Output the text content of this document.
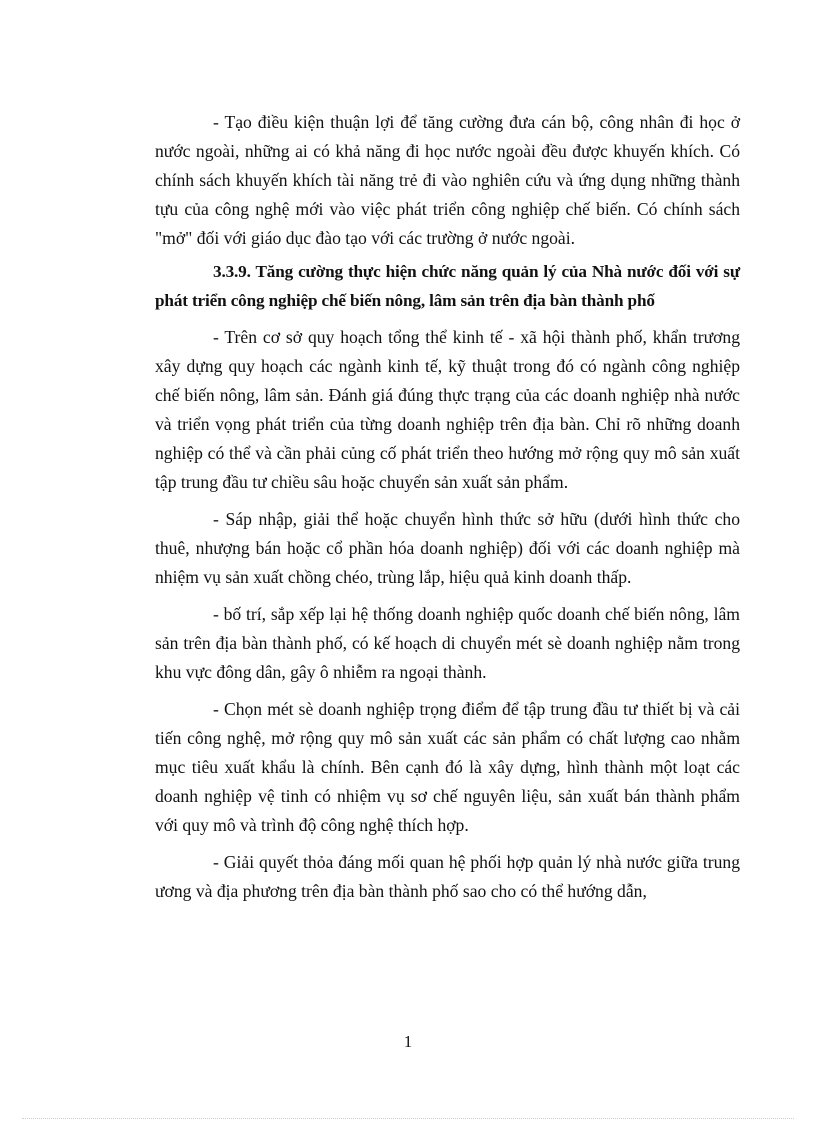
- Tạo điều kiện thuận lợi để tăng cường đưa cán bộ, công nhân đi học ở nước ngoài, những ai có khả năng đi học nước ngoài đều được khuyến khích. Có chính sách khuyến khích tài năng trẻ đi vào nghiên cứu và ứng dụng những thành tựu của công nghệ mới vào việc phát triển công nghiệp chế biến. Có chính sách "mở" đối với giáo dục đào tạo với các trường ở nước ngoài.

3.3.9. Tăng cường thực hiện chức năng quản lý của Nhà nước đối với sự phát triển công nghiệp chế biến nông, lâm sản trên địa bàn thành phố

- Trên cơ sở quy hoạch tổng thể kinh tế - xã hội thành phố, khẩn trương xây dựng quy hoạch các ngành kinh tế, kỹ thuật trong đó có ngành công nghiệp chế biến nông, lâm sản. Đánh giá đúng thực trạng của các doanh nghiệp nhà nước và triển vọng phát triển của từng doanh nghiệp trên địa bàn. Chỉ rõ những doanh nghiệp có thể và cần phải củng cố phát triển theo hướng mở rộng quy mô sản xuất tập trung đầu tư chiều sâu hoặc chuyển sản xuất sản phẩm.

- Sáp nhập, giải thể hoặc chuyển hình thức sở hữu (dưới hình thức cho thuê, nhượng bán hoặc cổ phần hóa doanh nghiệp) đối với các doanh nghiệp mà nhiệm vụ sản xuất chồng chéo, trùng lắp, hiệu quả kinh doanh thấp.

- bố trí, sắp xếp lại hệ thống doanh nghiệp quốc doanh chế biến nông, lâm sản trên địa bàn thành phố, có kế hoạch di chuyển mét sè doanh nghiệp nằm trong khu vực đông dân, gây ô nhiễm ra ngoại thành.

- Chọn mét sè doanh nghiệp trọng điểm để tập trung đầu tư thiết bị và cải tiến công nghệ, mở rộng quy mô sản xuất các sản phẩm có chất lượng cao nhằm mục tiêu xuất khẩu là chính. Bên cạnh đó là xây dựng, hình thành một loạt các doanh nghiệp vệ tinh có nhiệm vụ sơ chế nguyên liệu, sản xuất bán thành phẩm với quy mô và trình độ công nghệ thích hợp.

- Giải quyết thỏa đáng mối quan hệ phối hợp quản lý nhà nước giữa trung ương và địa phương trên địa bàn thành phố sao cho có thể hướng dẫn,

1
